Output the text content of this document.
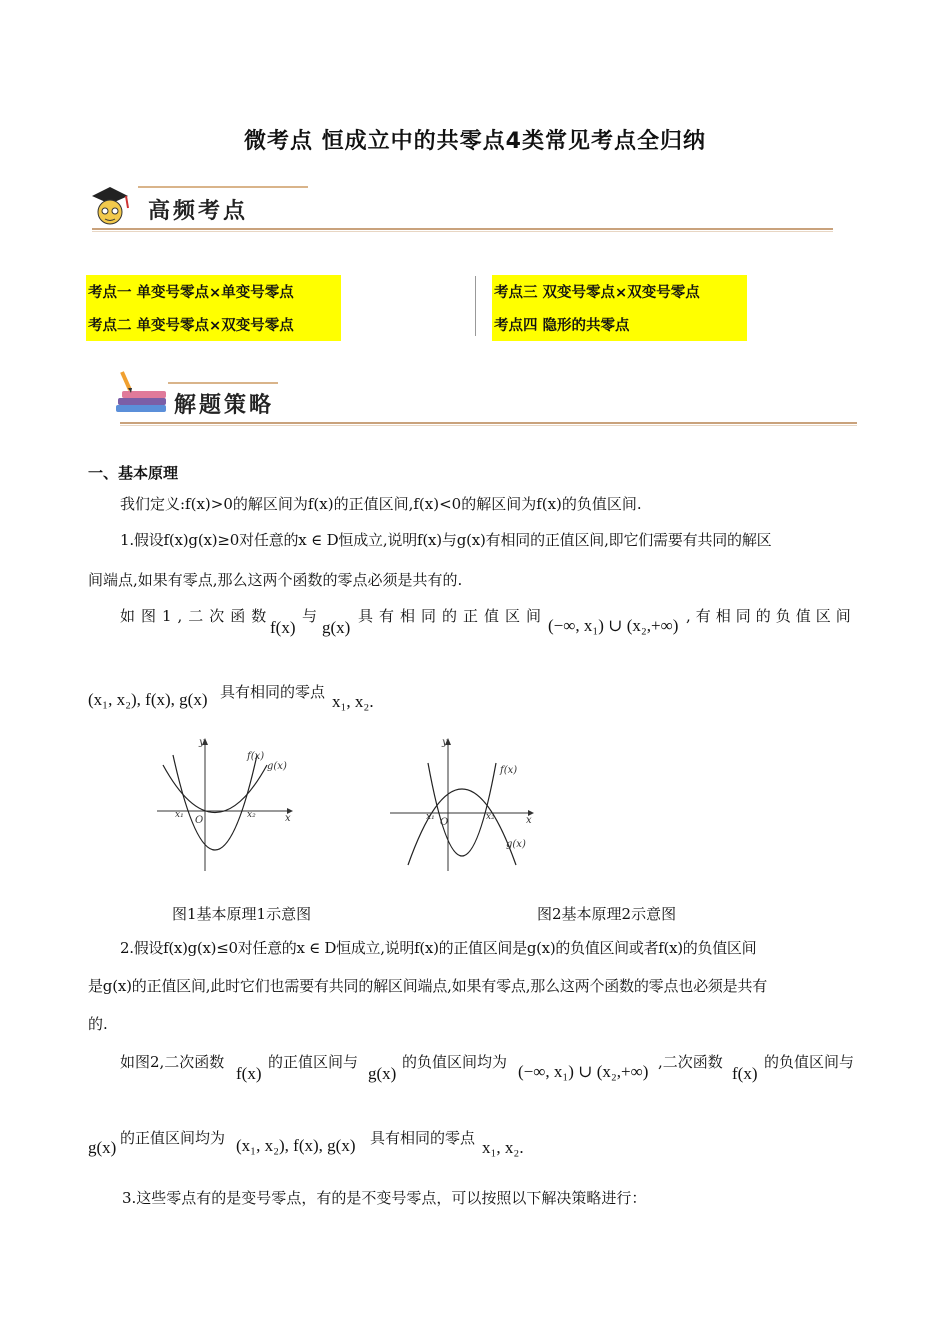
微考点 恒成立中的共零点4类常见考点全归纳
高频考点
考点一 单变号零点×单变号零点
考点二 单变号零点×双变号零点
考点三 双变号零点×双变号零点
考点四 隐形的共零点
解题策略
一、基本原理
我们定义:f(x)>0的解区间为f(x)的正值区间,f(x)<0的解区间为f(x)的负值区间.
1.假设f(x)g(x)≥0对任意的x ∈ D恒成立,说明f(x)与g(x)有相同的正值区间,即它们需要有共同的解区
间端点,如果有零点,那么这两个函数的零点必须是共有的.
如图1,二次函数
f(x)
与
g(x)
具有相同的正值区间 (−∞, x₁) ∪ (x₂,+∞) ,有相同的负值区间
(x₁, x₂), f(x), g(x) 具有相同的零点 x₁, x₂.
y
x
O
x₁	x₂
f(x)
g(x)
y
x
O
x₁	x₂
f(x)
g(x)
图1基本原理1示意图	图2基本原理2示意图
2.假设f(x)g(x)≤0对任意的x ∈ D恒成立,说明f(x)的正值区间是g(x)的负值区间或者f(x)的负值区间
是g(x)的正值区间,此时它们也需要有共同的解区间端点,如果有零点,那么这两个函数的零点也必须是共有
的.
如图2,二次函数
f(x)
的正值区间与
g(x)
的负值区间均为 (−∞, x₁) ∪ (x₂,+∞) ,二次函数
f(x)
的负值区间与
g(x) 的正值区间均为 (x₁, x₂), f(x), g(x) 具有相同的零点 x₁, x₂.
3.这些零点有的是变号零点，有的是不变号零点，可以按照以下解决策略进行：
